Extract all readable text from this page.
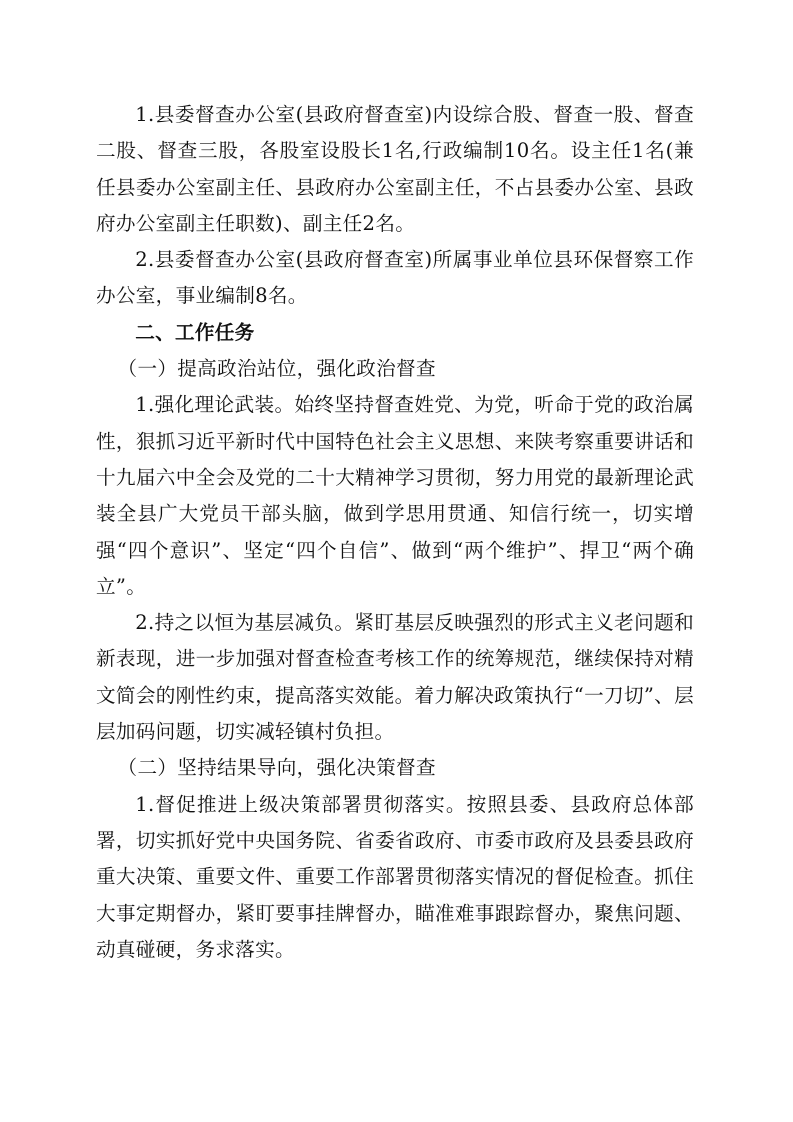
1.县委督查办公室(县政府督查室)内设综合股、督查一股、督查二股、督查三股，各股室设股长1名,行政编制10名。设主任1名(兼任县委办公室副主任、县政府办公室副主任，不占县委办公室、县政府办公室副主任职数)、副主任2名。

2.县委督查办公室(县政府督查室)所属事业单位县环保督察工作办公室，事业编制8名。

二、工作任务

（一）提高政治站位，强化政治督查

1.强化理论武装。始终坚持督查姓党、为党，听命于党的政治属性，狠抓习近平新时代中国特色社会主义思想、来陕考察重要讲话和十九届六中全会及党的二十大精神学习贯彻，努力用党的最新理论武装全县广大党员干部头脑，做到学思用贯通、知信行统一，切实增强“四个意识”、坚定“四个自信”、做到“两个维护”、捍卫“两个确立”。

2.持之以恒为基层减负。紧盯基层反映强烈的形式主义老问题和新表现，进一步加强对督查检查考核工作的统筹规范，继续保持对精文简会的刚性约束，提高落实效能。着力解决政策执行“一刀切”、层层加码问题，切实减轻镇村负担。

（二）坚持结果导向，强化决策督查

1.督促推进上级决策部署贯彻落实。按照县委、县政府总体部署，切实抓好党中央国务院、省委省政府、市委市政府及县委县政府重大决策、重要文件、重要工作部署贯彻落实情况的督促检查。抓住大事定期督办，紧盯要事挂牌督办，瞄准难事跟踪督办，聚焦问题、动真碰硬，务求落实。
